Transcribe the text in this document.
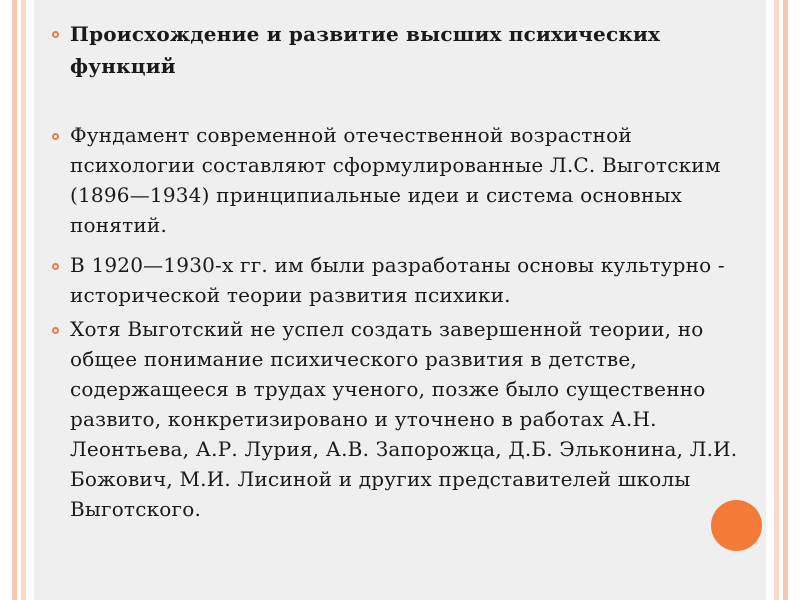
Происхождение и развитие высших психических функций
Фундамент современной отечественной возрастной психологии составляют сформулированные Л.С. Выготским (1896—1934) принципиальные идеи и система основных понятий.
В 1920—1930-х гг. им были разработаны основы культурно - исторической теории развития психики.
Хотя Выготский не успел создать завершенной теории, но общее понимание психического развития в детстве, содержащееся в трудах ученого, позже было существенно развито, конкретизировано и уточнено в работах А.Н. Леонтьева, А.Р. Лурия, А.В. Запорожца, Д.Б. Эльконина, Л.И. Божович, М.И. Лисиной и других представителей школы Выготского.
